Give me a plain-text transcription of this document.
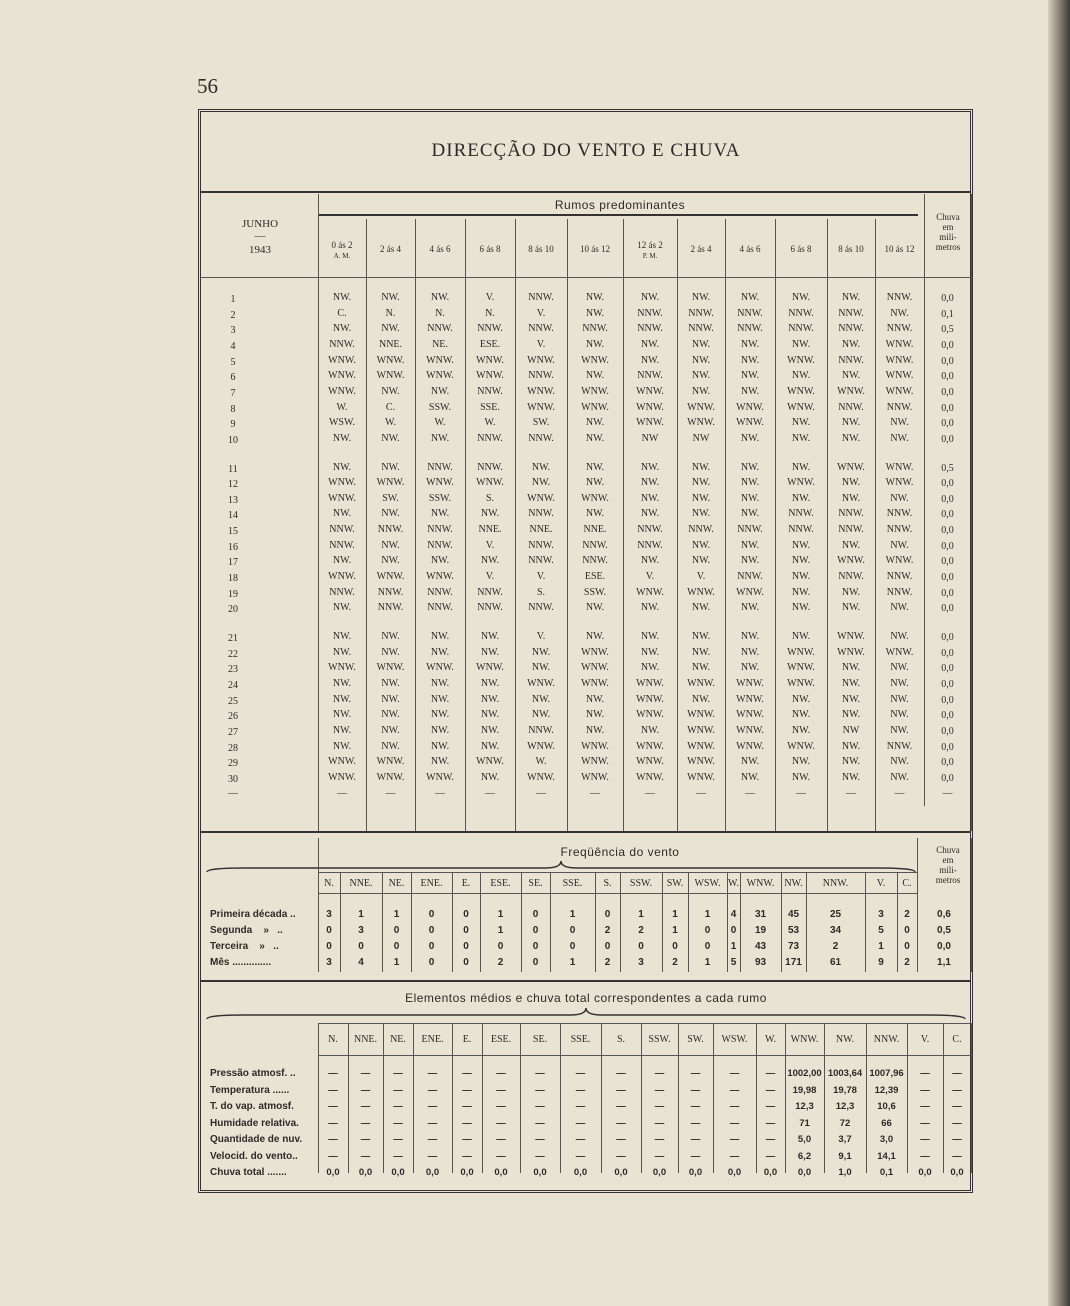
56
DIRECÇÃO DO VENTO E CHUVA
JUNHO
—
1943
Rumos predominantes
Chuva
em
mili-
metros
0 ás 2
A. M.
2 ás 4	4 ás 6	6 ás 8	8 ás 10	10 ás 12	12 ás 2
P. M.
2 ás 4	4 ás 6	6 ás 8	8 ás 10	10 ás 12
1	NW.	NW.	NW.	V.	NNW.	NW.	NW.	NW.	NW.	NW.	NW.	NNW.	0,0
2	C.	N.	N.	N.	V.	NW.	NNW.	NNW.	NNW.	NNW.	NNW.	NW.	0,1
3	NW.	NW.	NNW.	NNW.	NNW.	NNW.	NNW.	NNW.	NNW.	NNW.	NNW.	NNW.	0,5
4	NNW.	NNE.	NE.	ESE.	V.	NW.	NW.	NW.	NW.	NW.	NW.	WNW.	0,0
5	WNW.	WNW.	WNW.	WNW.	WNW.	WNW.	NW.	NW.	NW.	WNW.	NNW.	WNW.	0,0
6	WNW.	WNW.	WNW.	WNW.	NNW.	NW.	NNW.	NW.	NW.	NW.	NW.	WNW.	0,0
7	WNW.	NW.	NW.	NNW.	WNW.	WNW.	WNW.	NW.	NW.	WNW.	WNW.	WNW.	0,0
8	W.	C.	SSW.	SSE.	WNW.	WNW.	WNW.	WNW.	WNW.	WNW.	NNW.	NNW.	0,0
9	WSW.	W.	W.	W.	SW.	NW.	WNW.	WNW.	WNW.	NW.	NW.	NW.	0,0
10	NW.	NW.	NW.	NNW.	NNW.	NW.	NW	NW	NW.	NW.	NW.	NW.	0,0
11	NW.	NW.	NNW.	NNW.	NW.	NW.	NW.	NW.	NW.	NW.	WNW.	WNW.	0,5
12	WNW.	WNW.	WNW.	WNW.	NW.	NW.	NW.	NW.	NW.	WNW.	NW.	WNW.	0,0
13	WNW.	SW.	SSW.	S.	WNW.	WNW.	NW.	NW.	NW.	NW.	NW.	NW.	0,0
14	NW.	NW.	NW.	NW.	NNW.	NW.	NW.	NW.	NW.	NNW.	NNW.	NNW.	0,0
15	NNW.	NNW.	NNW.	NNE.	NNE.	NNE.	NNW.	NNW.	NNW.	NNW.	NNW.	NNW.	0,0
16	NNW.	NW.	NNW.	V.	NNW.	NNW.	NNW.	NW.	NW.	NW.	NW.	NW.	0,0
17	NW.	NW.	NW.	NW.	NNW.	NNW.	NW.	NW.	NW.	NW.	WNW.	WNW.	0,0
18	WNW.	WNW.	WNW.	V.	V.	ESE.	V.	V.	NNW.	NW.	NNW.	NNW.	0,0
19	NNW.	NNW.	NNW.	NNW.	S.	SSW.	WNW.	WNW.	WNW.	NW.	NW.	NNW.	0,0
20	NW.	NNW.	NNW.	NNW.	NNW.	NW.	NW.	NW.	NW.	NW.	NW.	NW.	0,0
21	NW.	NW.	NW.	NW.	V.	NW.	NW.	NW.	NW.	NW.	WNW.	NW.	0,0
22	NW.	NW.	NW.	NW.	NW.	WNW.	NW.	NW.	NW.	WNW.	WNW.	WNW.	0,0
23	WNW.	WNW.	WNW.	WNW.	NW.	WNW.	NW.	NW.	NW.	WNW.	NW.	NW.	0,0
24	NW.	NW.	NW.	NW.	WNW.	WNW.	WNW.	WNW.	WNW.	WNW.	NW.	NW.	0,0
25	NW.	NW.	NW.	NW.	NW.	NW.	WNW.	NW.	WNW.	NW.	NW.	NW.	0,0
26	NW.	NW.	NW.	NW.	NW.	NW.	WNW.	WNW.	WNW.	NW.	NW.	NW.	0,0
27	NW.	NW.	NW.	NW.	NNW.	NW.	NW.	WNW.	WNW.	NW.	NW	NW.	0,0
28	NW.	NW.	NW.	NW.	WNW.	WNW.	WNW.	WNW.	WNW.	WNW.	NW.	NNW.	0,0
29	WNW.	WNW.	NW.	WNW.	W.	WNW.	WNW.	WNW.	NW.	NW.	NW.	NW.	0,0
30	WNW.	WNW.	WNW.	NW.	WNW.	WNW.	WNW.	WNW.	NW.	NW.	NW.	NW.	0,0
—	—	—	—	—	—	—	—	—	—	—	—	—	—
Freqüência do vento	Chuva
em
mili-
metros
N.	NNE.	NE.	ENE.	E.	ESE.	SE.	SSE.	S.	SSW.	SW.	WSW. W. WNW.	NW.	NNW.	V.	C.
Primeira década ..	3	1	1	0	0	1	0	1	0	1	1	1	4	31	45	25	3	2	0,6
Segunda    »   ..	0	3	0	0	0	1	0	0	2	2	1	0	0	19	53	34	5	0	0,5
Terceira    »   ..	0	0	0	0	0	0	0	0	0	0	0	0	1	43	73	2	1	0	0,0
Mês ..............	3	4	1	0	0	2	0	1	2	3	2	1	5	93	171	61	9	2	1,1
Elementos médios e chuva total correspondentes a cada rumo
N.	NNE.	NE.	ENE.	E.	ESE.	SE.	SSE.	S.	SSW.	SW.	WSW.	W.	WNW.	NW.	NNW.	V.	C.
Pressão atmosf. ..	—	—	—	—	—	—	—	—	—	—	—	—	—	1002,00 1003,64 1007,96	—	—
Temperatura ......	—	—	—	—	—	—	—	—	—	—	—	—	—	19,98	19,78	12,39	—	—
T. do vap. atmosf.	—	—	—	—	—	—	—	—	—	—	—	—	—	12,3	12,3	10,6	—	—
Humidade relativa.	—	—	—	—	—	—	—	—	—	—	—	—	—	71	72	66	—	—
Quantidade de nuv.	—	—	—	—	—	—	—	—	—	—	—	—	—	5,0	3,7	3,0	—	—
Velocid. do vento..	—	—	—	—	—	—	—	—	—	—	—	—	—	6,2	9,1	14,1	—	—
Chuva total .......	0,0	0,0	0,0	0,0	0,0	0,0	0,0	0,0	0,0	0,0	0,0	0,0	0,0	0,0	1,0	0,1	0,0	0,0
